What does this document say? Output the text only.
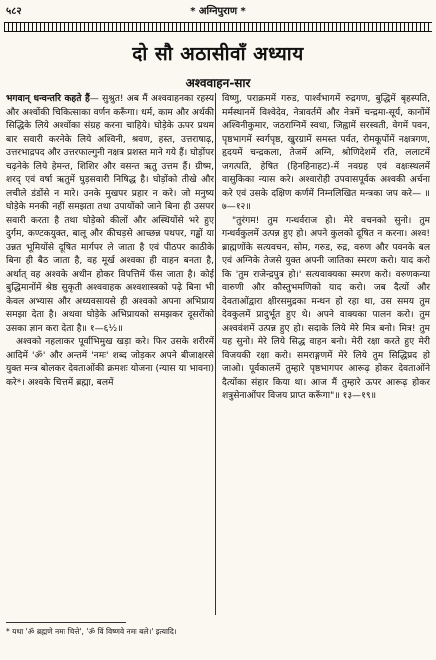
५८२	* अग्निपुराण *
दो सौ अठासीवाँ अध्याय
अश्ववाहन-सार

भगवान् धन्वन्तरि कहते हैं— सुश्रुत! अब मैं अश्ववाहनका रहस्य और अश्वोंकी चिकित्साका वर्णन करूँगा। धर्म, काम और अर्थकी सिद्धिके लिये अश्वोंका संग्रह करना चाहिये। घोड़ेके ऊपर प्रथम बार सवारी करनेके लिये अश्विनी, श्रवण, हस्त, उत्तराषाढ़, उत्तरभाद्रपद और उत्तरफाल्गुनी नक्षत्र प्रशस्त माने गये हैं। घोड़ोंपर चढ़नेके लिये हेमन्त, शिशिर और वसन्त ऋतु उत्तम हैं। ग्रीष्म, शरद् एवं वर्षा ऋतुमें घुड़सवारी निषिद्ध है। घोड़ोंको तीखे और लचीले डंडोंसे न मारे। उनके मुखपर प्रहार न करे। जो मनुष्य घोड़ेके मनकी नहीं समझता तथा उपायोंको जाने बिना ही उसपर सवारी करता है तथा घोड़ेको कीलों और अस्थियोंसे भरे हुए दुर्गम, कण्टकयुक्त, बालू और कीचड़से आच्छन्न पथपर, गड्ढों या उन्नत भूमियोंसे दूषित मार्गपर ले जाता है एवं पीठपर काठीके बिना ही बैठ जाता है, वह मूर्ख अश्वका ही वाहन बनता है, अर्थात् वह अश्वके अधीन होकर विपत्तिमें फँस जाता है। कोई बुद्धिमानोंमें श्रेष्ठ सुकृती अश्ववाहक अश्वशास्त्रको पढ़े बिना भी केवल अभ्यास और अध्यवसायसे ही अश्वको अपना अभिप्राय समझा देता है। अथवा घोड़ेके अभिप्रायको समझकर दूसरोंको उसका ज्ञान करा देता है॥ १—६½॥

अश्वको नहलाकर पूर्वाभिमुख खड़ा करे। फिर उसके शरीरमें आदिमें 'ॐ' और अन्तमें 'नमः' शब्द जोड़कर अपने बीजाक्षरसे युक्त मन्त्र बोलकर देवताओंकी क्रमशः योजना (न्यास या भावना) करे*। अश्वके चित्तमें ब्रह्मा, बलमें

विष्णु, पराक्रममें गरुड, पार्श्वभागमें रुद्रगण, बुद्धिमें बृहस्पति, मर्मस्थानमें विश्वेदेव, नेत्रावर्तमें और नेत्रमें चन्द्रमा-सूर्य, कानोंमें अश्विनीकुमार, जठराग्निमें स्वधा, जिह्वामें सरस्वती, वेगमें पवन, पृष्ठभागमें स्वर्गपृष्ठ, खुरग्रामें समस्त पर्वत, रोमकूपोंमें नक्षत्रगण, हृदयमें चन्द्रकला, तेजमें अग्नि, श्रोणिदेशमें रति, ललाटमें जगत्पति, हेषित (हिनहिनाहट)-में नवग्रह एवं वक्षःस्थलमें वासुकिका न्यास करे। अश्वारोही उपवासपूर्वक अश्वकी अर्चना करे एवं उसके दक्षिण कर्णमें निम्नलिखित मन्त्रका जप करे— ॥ ७—१२॥

"तुरंगम! तुम गन्धर्वराज हो। मेरे वचनको सुनो। तुम गन्धर्वकुलमें उत्पन्न हुए हो। अपने कुलको दूषित न करना। अश्व! ब्राह्मणोंके सत्यवचन, सोम, गरुड, रुद्र, वरुण और पवनके बल एवं अग्निके तेजसे युक्त अपनी जातिका स्मरण करो। याद करो कि 'तुम राजेन्द्रपुत्र हो।' सत्यवाक्यका स्मरण करो। वरुणकन्या वारुणी और कौस्तुभमणिको याद करो। जब दैत्यों और देवताओंद्वारा क्षीरसमुद्रका मन्थन हो रहा था, उस समय तुम देवकुलमें प्रादुर्भूत हुए थे। अपने वाक्यका पालन करो। तुम अश्ववंशमें उत्पन्न हुए हो। सदाके लिये मेरे मित्र बनो। मित्र! तुम यह सुनो। मेरे लिये सिद्ध वाहन बनो। मेरी रक्षा करते हुए मेरी विजयकी रक्षा करो। समराङ्गणमें मेरे लिये तुम सिद्धिप्रद हो जाओ। पूर्वकालमें तुम्हारे पृष्ठभागपर आरूढ़ होकर देवताओंने दैत्योंका संहार किया था। आज मैं तुम्हारे ऊपर आरूढ़ होकर शत्रुसेनाओंपर विजय प्राप्त करूँगा"॥ १३—१९॥

* यथा 'ॐ ब्रह्मणे नमः चित्ते', 'ॐ विं विष्णवे नमः बले।' इत्यादि।
